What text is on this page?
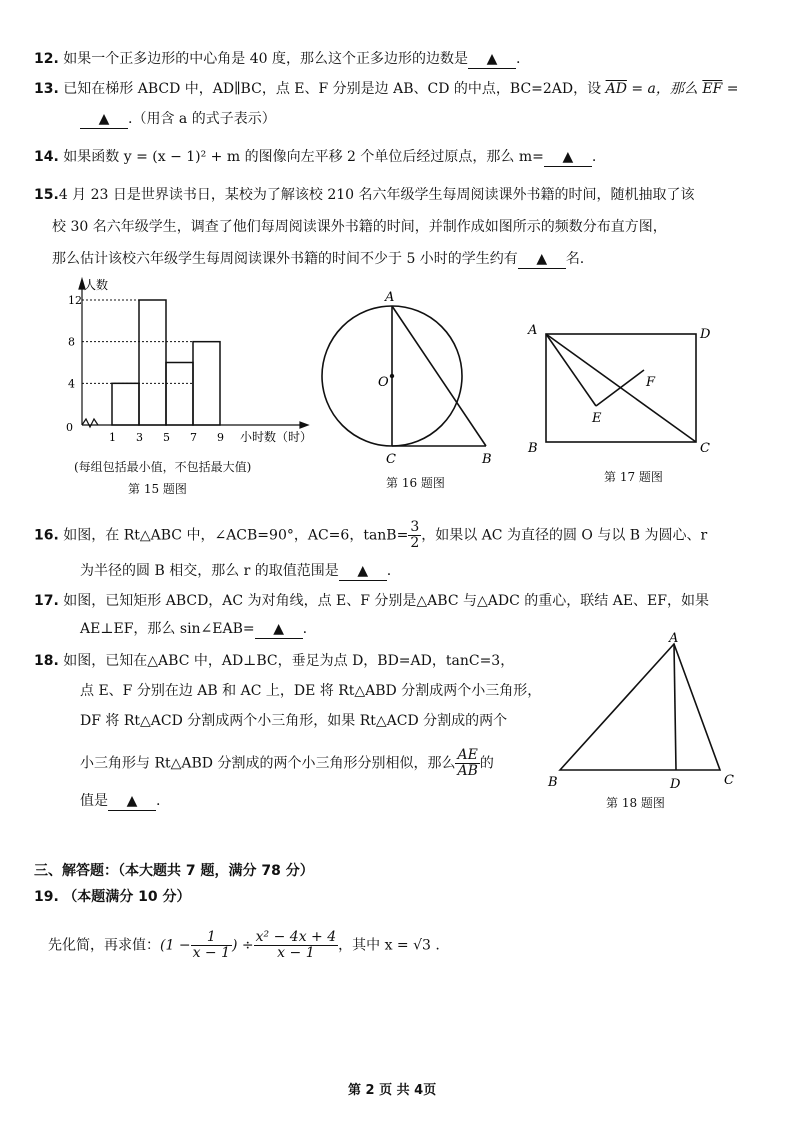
12. 如果一个正多边形的中心角是 40 度，那么这个正多边形的边数是 ▲ .
13. 已知在梯形 ABCD 中，AD∥BC，点 E、F 分别是边 AB、CD 的中点，BC=2AD，设 $\overline{AD} = a$，那么 $\overline{EF}$ =
▲ .（用含 a 的式子表示）
14. 如果函数 y = (x − 1)² + m 的图像向左平移 2 个单位后经过原点，那么 m= ▲ .
15.4 月 23 日是世界读书日，某校为了解该校 210 名六年级学生每周阅读课外书籍的时间，随机抽取了该
校 30 名六年级学生，调查了他们每周阅读课外书籍的时间，并制作成如图所示的频数分布直方图，
那么估计该校六年级学生每周阅读课外书籍的时间不少于 5 小时的学生约有 ▲ 名.
4
8
12
1 3 5 7 9
人数
小时数（时）
0
(每组包括最小值，不包括最大值)
第 15 题图
A
O
C	B
第 16 题图
A	D
B	C
E
F
第 17 题图
16. 如图，在 Rt△ABC 中，∠ACB=90°，AC=6，$\tan B= \frac{3}{2}$ ，如果以 AC 为直径的圆 O 与以 B 为圆心、r
为半径的圆 B 相交，那么 r 的取值范围是 ▲ .
17. 如图，已知矩形 ABCD，AC 为对角线，点 E、F 分别是△ABC 与△ADC 的重心，联结 AE、EF，如果
AE⊥EF，那么 sin∠EAB= ▲ .
18. 如图，已知在△ABC 中，AD⊥BC，垂足为点 D，BD=AD，tanC=3，
点 E、F 分别在边 AB 和 AC 上，DE 将 Rt△ABD 分割成两个小三角形，
DF 将 Rt△ACD 分割成两个小三角形，如果 Rt△ACD 分割成的两个
小三角形与 Rt△ABD 分割成的两个小三角形分别相似，那么 $\frac{AE}{AB}$ 的
值是 ▲ .
A
B	D	C
第 18 题图
三、解答题：（本大题共 7 题，满分 78 分）
19. （本题满分 10 分）
先化简，再求值：($1 - \frac{1}{x - 1}$ ) ÷ $\frac{\text{x² − 4x + 4}}{x - 1}$ ，其中 x = √3 .
第 2 页 共 4页
